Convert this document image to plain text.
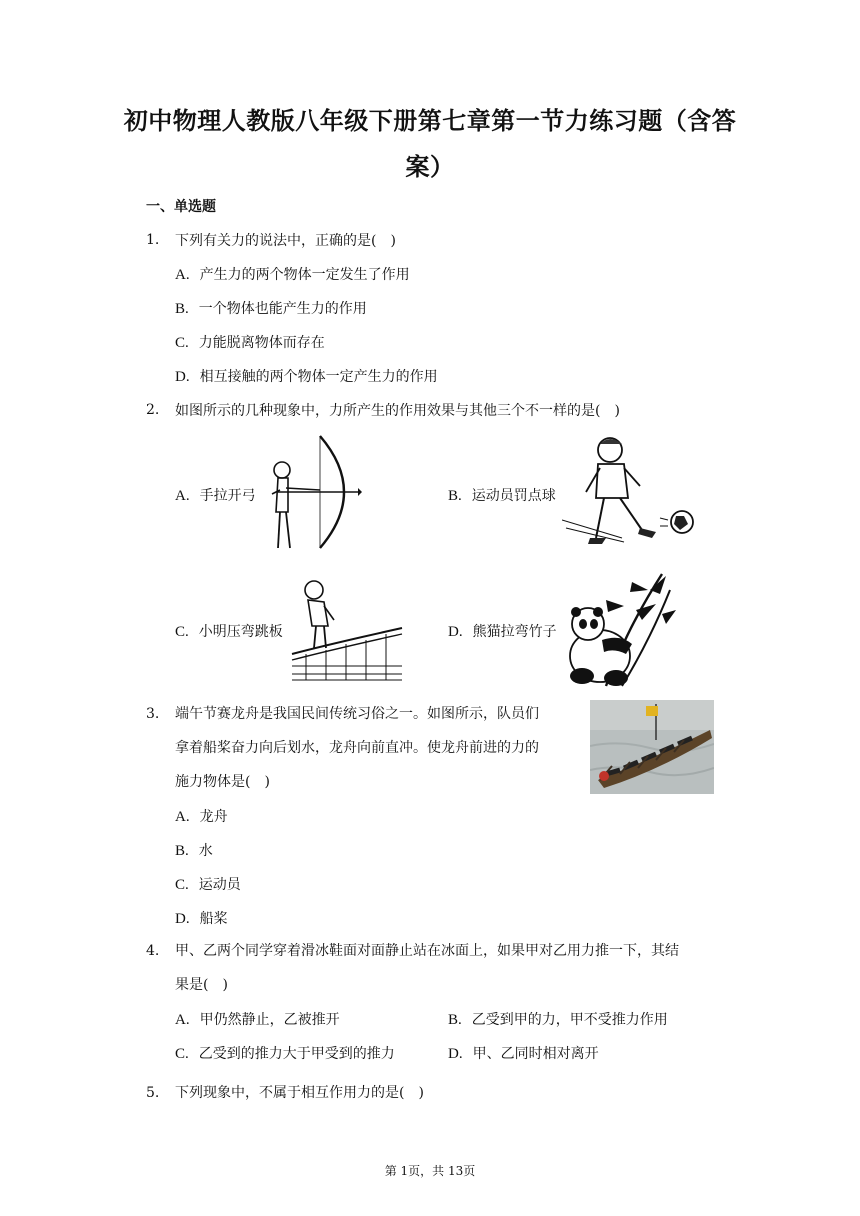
初中物理人教版八年级下册第七章第一节力练习题（含答案）
一、单选题
1. 下列有关力的说法中，正确的是(　)
A. 产生力的两个物体一定发生了作用
B. 一个物体也能产生力的作用
C. 力能脱离物体而存在
D. 相互接触的两个物体一定产生力的作用
2. 如图所示的几种现象中，力所产生的作用效果与其他三个不一样的是(　)
A. 手拉开弓	B. 运动员罚点球
C. 小明压弯跳板	D. 熊猫拉弯竹子
3. 端午节赛龙舟是我国民间传统习俗之一。如图所示，队员们
拿着船桨奋力向后划水，龙舟向前直冲。使龙舟前进的力的
施力物体是(　)
A. 龙舟
B. 水
C. 运动员
D. 船桨
4. 甲、乙两个同学穿着滑冰鞋面对面静止站在冰面上，如果甲对乙用力推一下，其结
果是(　)
A. 甲仍然静止，乙被推开	B. 乙受到甲的力，甲不受推力作用
C. 乙受到的推力大于甲受到的推力	D. 甲、乙同时相对离开
5. 下列现象中，不属于相互作用力的是(　)
第 1页，共 13页
